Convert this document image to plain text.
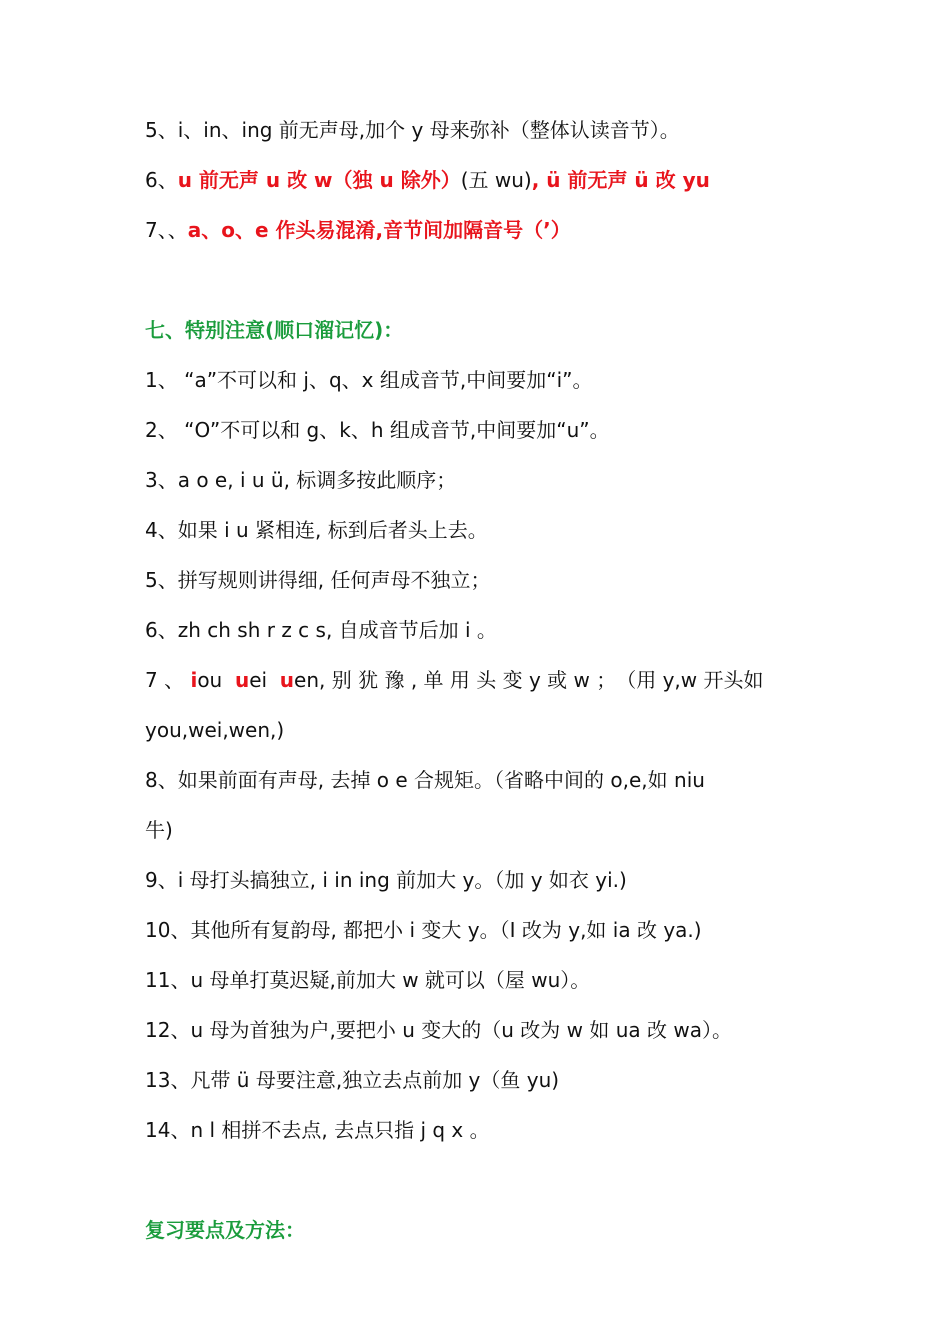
5、i、in、ing 前无声母,加个 y 母来弥补（整体认读音节）。
6、u 前无声 u 改 w（独 u 除外）(五 wu), ü 前无声 ü 改 yu
7、、a、o、e 作头易混淆,音节间加隔音号（’）
七、特别注意(顺口溜记忆)：
1、 “a”不可以和 j、q、x 组成音节,中间要加“i”。
2、 “O”不可以和 g、k、h 组成音节,中间要加“u”。
3、a o e, i u ü, 标调多按此顺序；
4、如果 i u 紧相连, 标到后者头上去。
5、拼写规则讲得细, 任何声母不独立；
6、zh ch sh r z c s, 自成音节后加 i 。
7 、 iou uei uen, 别 犹 豫 , 单 用 头 变 y 或 w ；　（用 y,w 开头如
you,wei,wen,)
8、如果前面有声母, 去掉 o e 合规矩。（省略中间的 o,e,如 niu
牛)
9、i 母打头搞独立, i in ing 前加大 y。（加 y 如衣 yi.)
10、其他所有复韵母, 都把小 i 变大 y。（I 改为 y,如 ia 改 ya.)
11、u 母单打莫迟疑,前加大 w 就可以（屋 wu）。
12、u 母为首独为户,要把小 u 变大的（u 改为 w 如 ua 改 wa）。
13、凡带 ü 母要注意,独立去点前加 y（鱼 yu)
14、n l 相拼不去点, 去点只指 j q x 。
复习要点及方法：
